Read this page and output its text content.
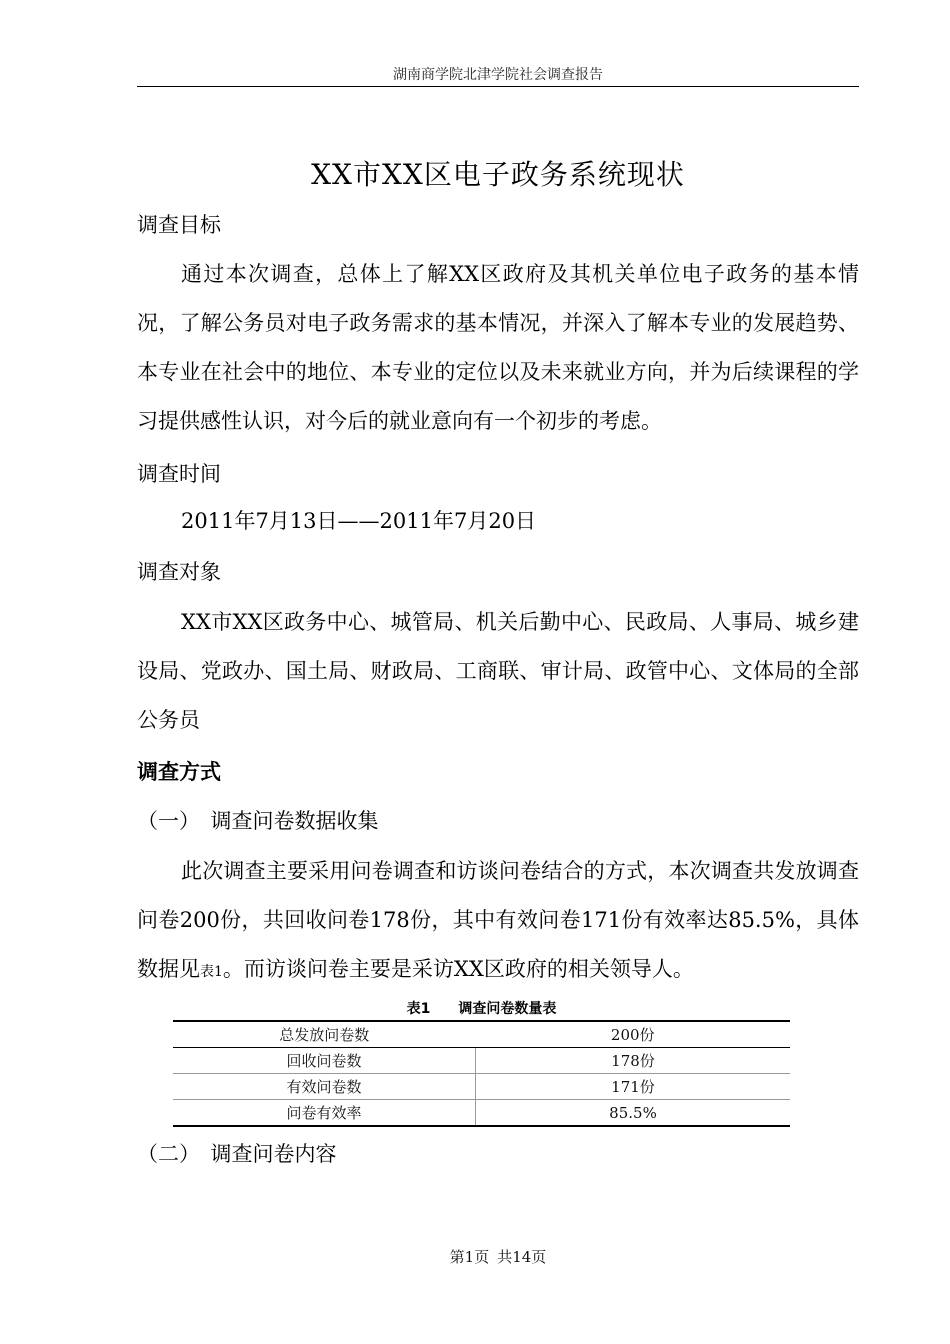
湖南商学院北津学院社会调查报告
XX市XX区电子政务系统现状
调查目标
通过本次调查，总体上了解XX区政府及其机关单位电子政务的基本情况，了解公务员对电子政务需求的基本情况，并深入了解本专业的发展趋势、本专业在社会中的地位、本专业的定位以及未来就业方向，并为后续课程的学习提供感性认识，对今后的就业意向有一个初步的考虑。
调查时间
2011年7月13日——2011年7月20日
调查对象
XX市XX区政务中心、城管局、机关后勤中心、民政局、人事局、城乡建设局、党政办、国土局、财政局、工商联、审计局、政管中心、文体局的全部公务员
调查方式
（一）　调查问卷数据收集
此次调查主要采用问卷调查和访谈问卷结合的方式，本次调查共发放调查问卷200份，共回收问卷178份，其中有效问卷171份有效率达85.5%，具体数据见表1。而访谈问卷主要是采访XX区政府的相关领导人。
表1 调查问卷数量表
总发放问卷数	200份
回收问卷数	178份
有效问卷数	171份
问卷有效率	85.5%
（二）　调查问卷内容
第1页 共14页
